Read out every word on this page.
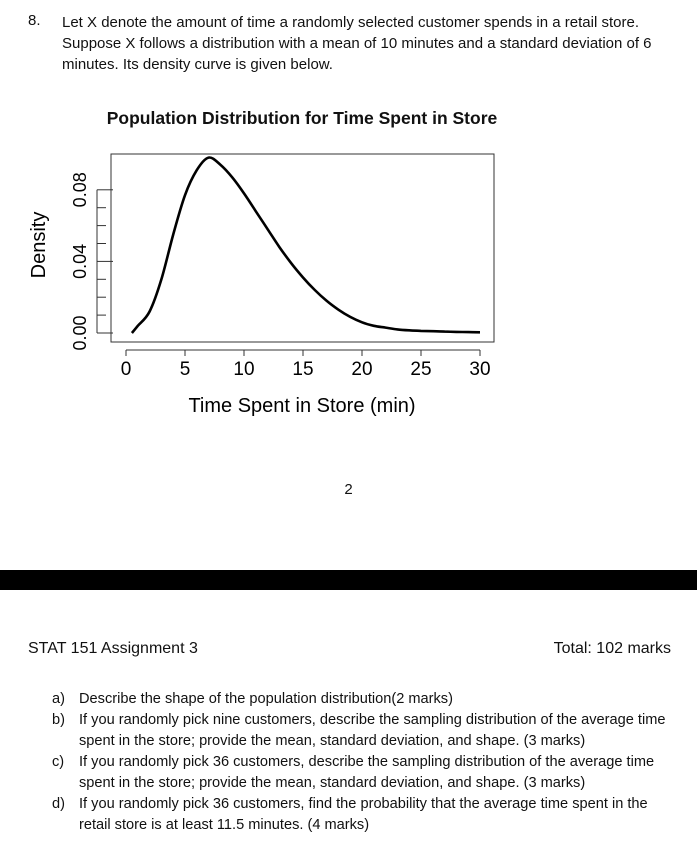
8. Let X denote the amount of time a randomly selected customer spends in a retail store.

Suppose X follows a distribution with a mean of 10 minutes and a standard deviation of 6

minutes. Its density curve is given below.

Population Distribution for Time Spent in Store
0	5 10 15 20 25 30
0.00
0.04
0.08
Density
Time Spent in Store (min)
2
STAT 151 Assignment 3	Total: 102 marks
a) Describe the shape of the population distribution(2 marks)
b) If you randomly pick nine customers, describe the sampling distribution of the average time spent in the store; provide the mean, standard deviation, and shape. (3 marks)
c)	If you randomly pick 36 customers, describe the sampling distribution of the average time spent in the store; provide the mean, standard deviation, and shape. (3 marks)
d) If you randomly pick 36 customers, find the probability that the average time spent in the retail store is at least 11.5 minutes. (4 marks)
